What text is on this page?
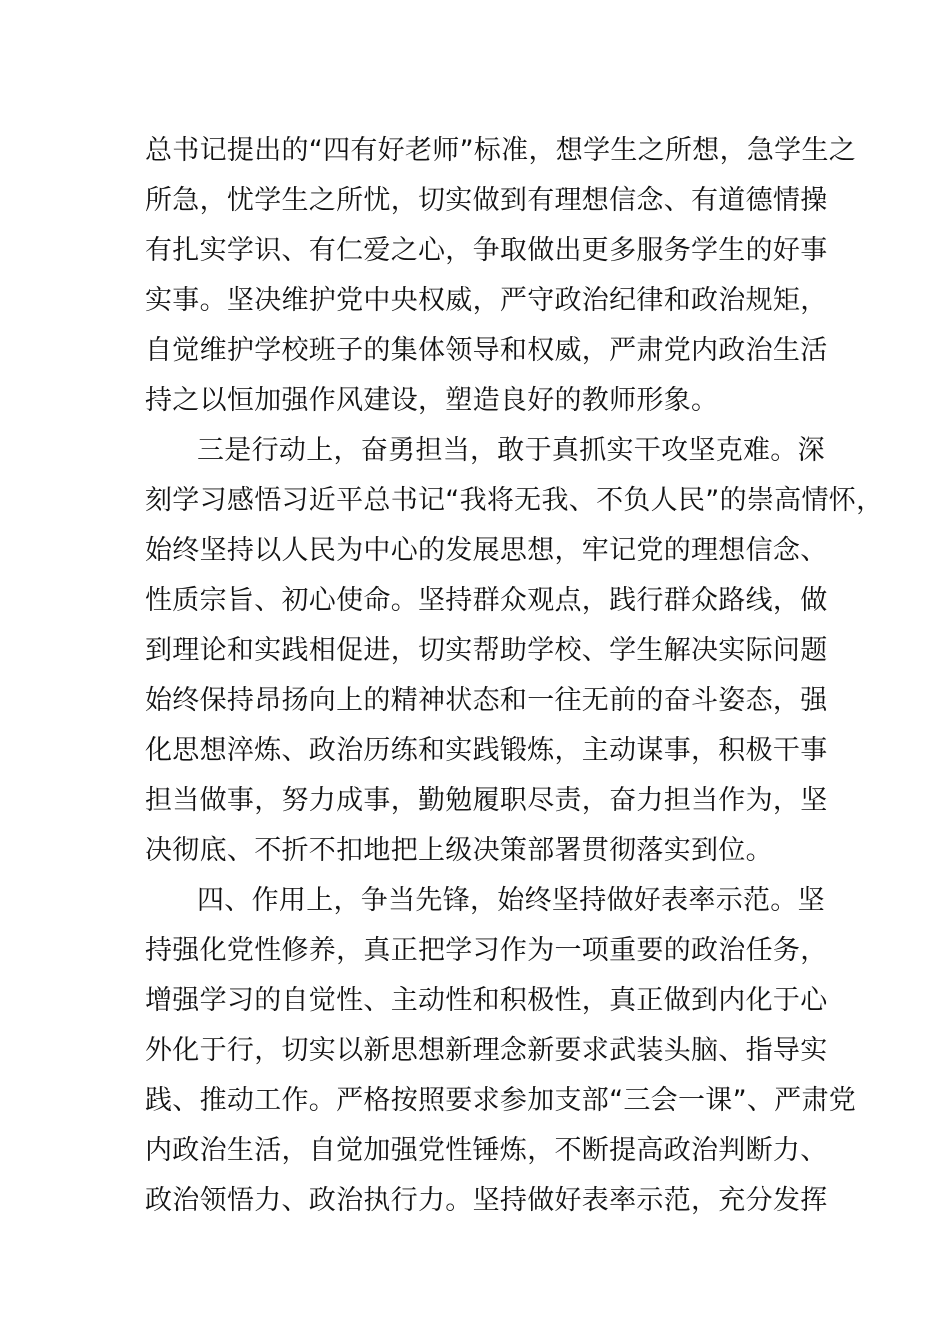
总书记提出的“四有好老师”标准，想学生之所想，急学生之
所急，忧学生之所忧，切实做到有理想信念、有道德情操
有扎实学识、有仁爱之心，争取做出更多服务学生的好事
实事。坚决维护党中央权威，严守政治纪律和政治规矩，
自觉维护学校班子的集体领导和权威，严肃党内政治生活
持之以恒加强作风建设，塑造良好的教师形象。
三是行动上，奋勇担当，敢于真抓实干攻坚克难。深
刻学习感悟习近平总书记“我将无我、不负人民”的崇高情怀，
始终坚持以人民为中心的发展思想，牢记党的理想信念、
性质宗旨、初心使命。坚持群众观点，践行群众路线，做
到理论和实践相促进，切实帮助学校、学生解决实际问题
始终保持昂扬向上的精神状态和一往无前的奋斗姿态，强
化思想淬炼、政治历练和实践锻炼，主动谋事，积极干事
担当做事，努力成事，勤勉履职尽责，奋力担当作为，坚
决彻底、不折不扣地把上级决策部署贯彻落实到位。
四、作用上，争当先锋，始终坚持做好表率示范。坚
持强化党性修养，真正把学习作为一项重要的政治任务，
增强学习的自觉性、主动性和积极性，真正做到内化于心
外化于行，切实以新思想新理念新要求武装头脑、指导实
践、推动工作。严格按照要求参加支部“三会一课”、严肃党
内政治生活，自觉加强党性锤炼，不断提高政治判断力、
政治领悟力、政治执行力。坚持做好表率示范，充分发挥
